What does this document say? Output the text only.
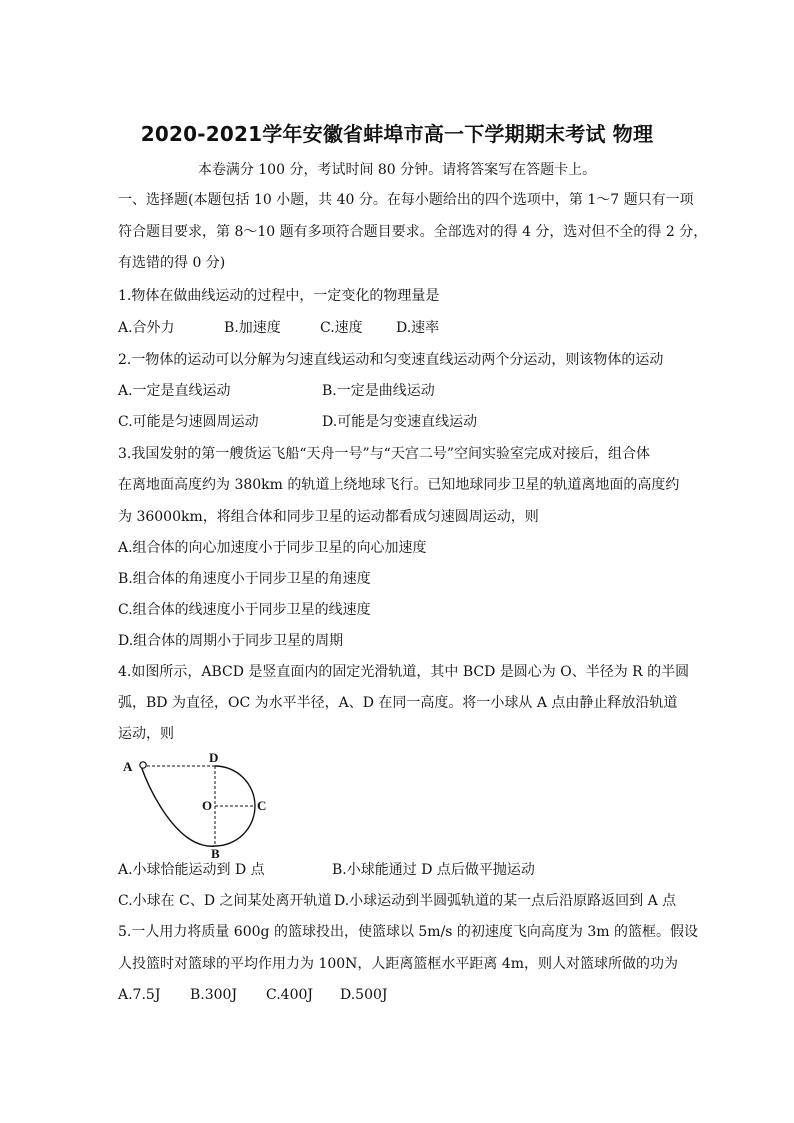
2020-2021学年安徽省蚌埠市高一下学期期末考试 物理
本卷满分 100 分，考试时间 80 分钟。请将答案写在答题卡上。
一、选择题(本题包括 10 小题，共 40 分。在每小题给出的四个选项中，第 1～7 题只有一项
符合题目要求，第 8～10 题有多项符合题目要求。全部选对的得 4 分，选对但不全的得 2 分，
有选错的得 0 分)
1.物体在做曲线运动的过程中，一定变化的物理量是
A.合外力	B.加速度	C.速度 D.速率
2.一物体的运动可以分解为匀速直线运动和匀变速直线运动两个分运动，则该物体的运动
A.一定是直线运动	B.一定是曲线运动
C.可能是匀速圆周运动	D.可能是匀变速直线运动
3.我国发射的第一艘货运飞船“天舟一号”与“天宫二号”空间实验室完成对接后，组合体
在离地面高度约为 380km 的轨道上绕地球飞行。已知地球同步卫星的轨道离地面的高度约
为 36000km，将组合体和同步卫星的运动都看成匀速圆周运动，则
A.组合体的向心加速度小于同步卫星的向心加速度
B.组合体的角速度小于同步卫星的角速度
C.组合体的线速度小于同步卫星的线速度
D.组合体的周期小于同步卫星的周期
4.如图所示，ABCD 是竖直面内的固定光滑轨道，其中 BCD 是圆心为 O、半径为 R 的半圆
弧，BD 为直径，OC 为水平半径，A、D 在同一高度。将一小球从 A 点由静止释放沿轨道
运动，则
A
D
O	C
B
A.小球恰能运动到 D 点	B.小球能通过 D 点后做平抛运动
C.小球在 C、D 之间某处离开轨道 D.小球运动到半圆弧轨道的某一点后沿原路返回到 A 点
5.一人用力将质量 600g 的篮球投出，使篮球以 5m/s 的初速度飞向高度为 3m 的篮框。假设
人投篮时对篮球的平均作用力为 100N，人距离篮框水平距离 4m，则人对篮球所做的功为
A.7.5J B.300J C.400J D.500J
